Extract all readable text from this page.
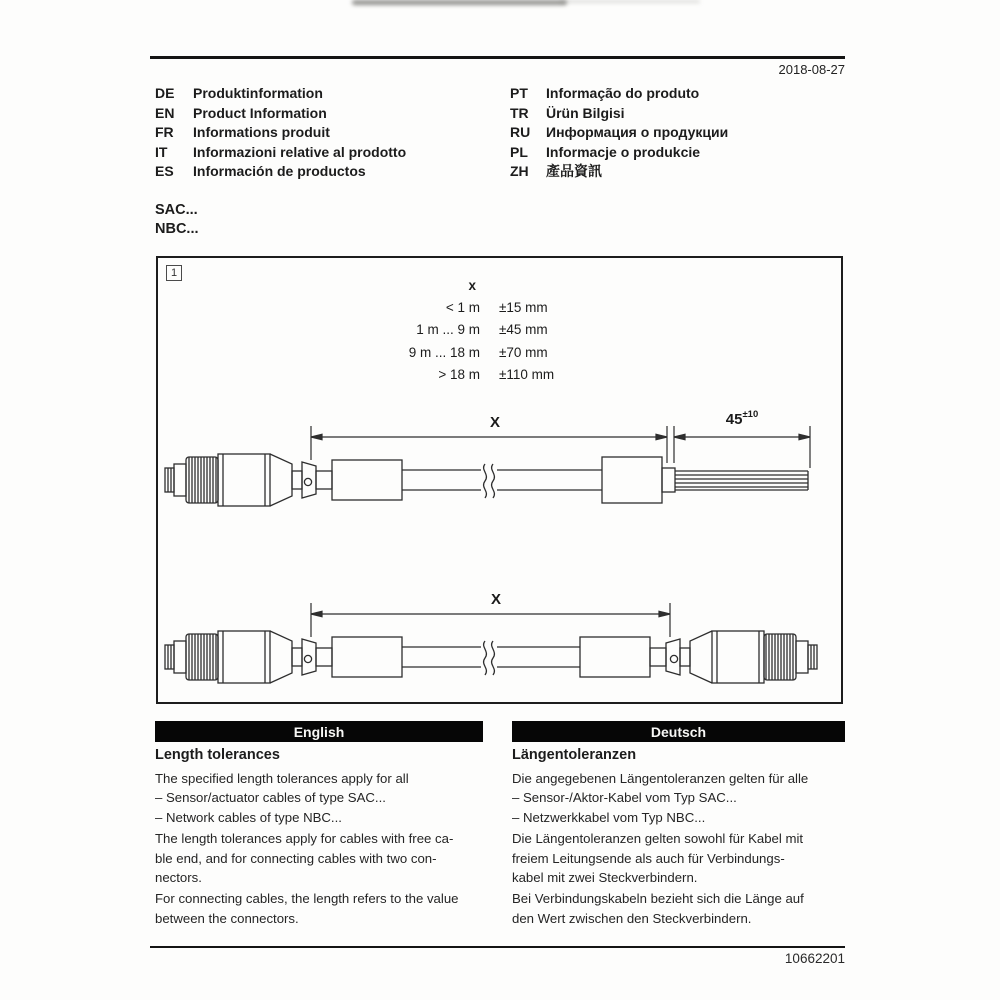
2018-08-27
DE	Produktinformation
EN	Product Information
FR	Informations produit
IT	Informazioni relative al prodotto
ES	Información de productos
PT	Informação do produto
TR	Ürün Bilgisi
RU	Информация о продукции
PL	Informacje o produkcie
ZH	產品資訊
SAC...
NBC...
1
x
< 1 m ±15 mm
1 m ... 9 m ±45 mm
9 m ... 18 m ±70 mm
> 18 m ±110 mm
X	$45^{\pm 10}$
X
English	Deutsch
Length tolerances
The specified length tolerances apply for all
– Sensor/actuator cables of type SAC...
– Network cables of type NBC...
The length tolerances apply for cables with free ca-
ble end, and for connecting cables with two con-
nectors.
For connecting cables, the length refers to the value
between the connectors.
Längentoleranzen
Die angegebenen Längentoleranzen gelten für alle
– Sensor-/Aktor-Kabel vom Typ SAC...
– Netzwerkkabel vom Typ NBC...
Die Längentoleranzen gelten sowohl für Kabel mit
freiem Leitungsende als auch für Verbindungs-
kabel mit zwei Steckverbindern.
Bei Verbindungskabeln bezieht sich die Länge auf
den Wert zwischen den Steckverbindern.
10662201
